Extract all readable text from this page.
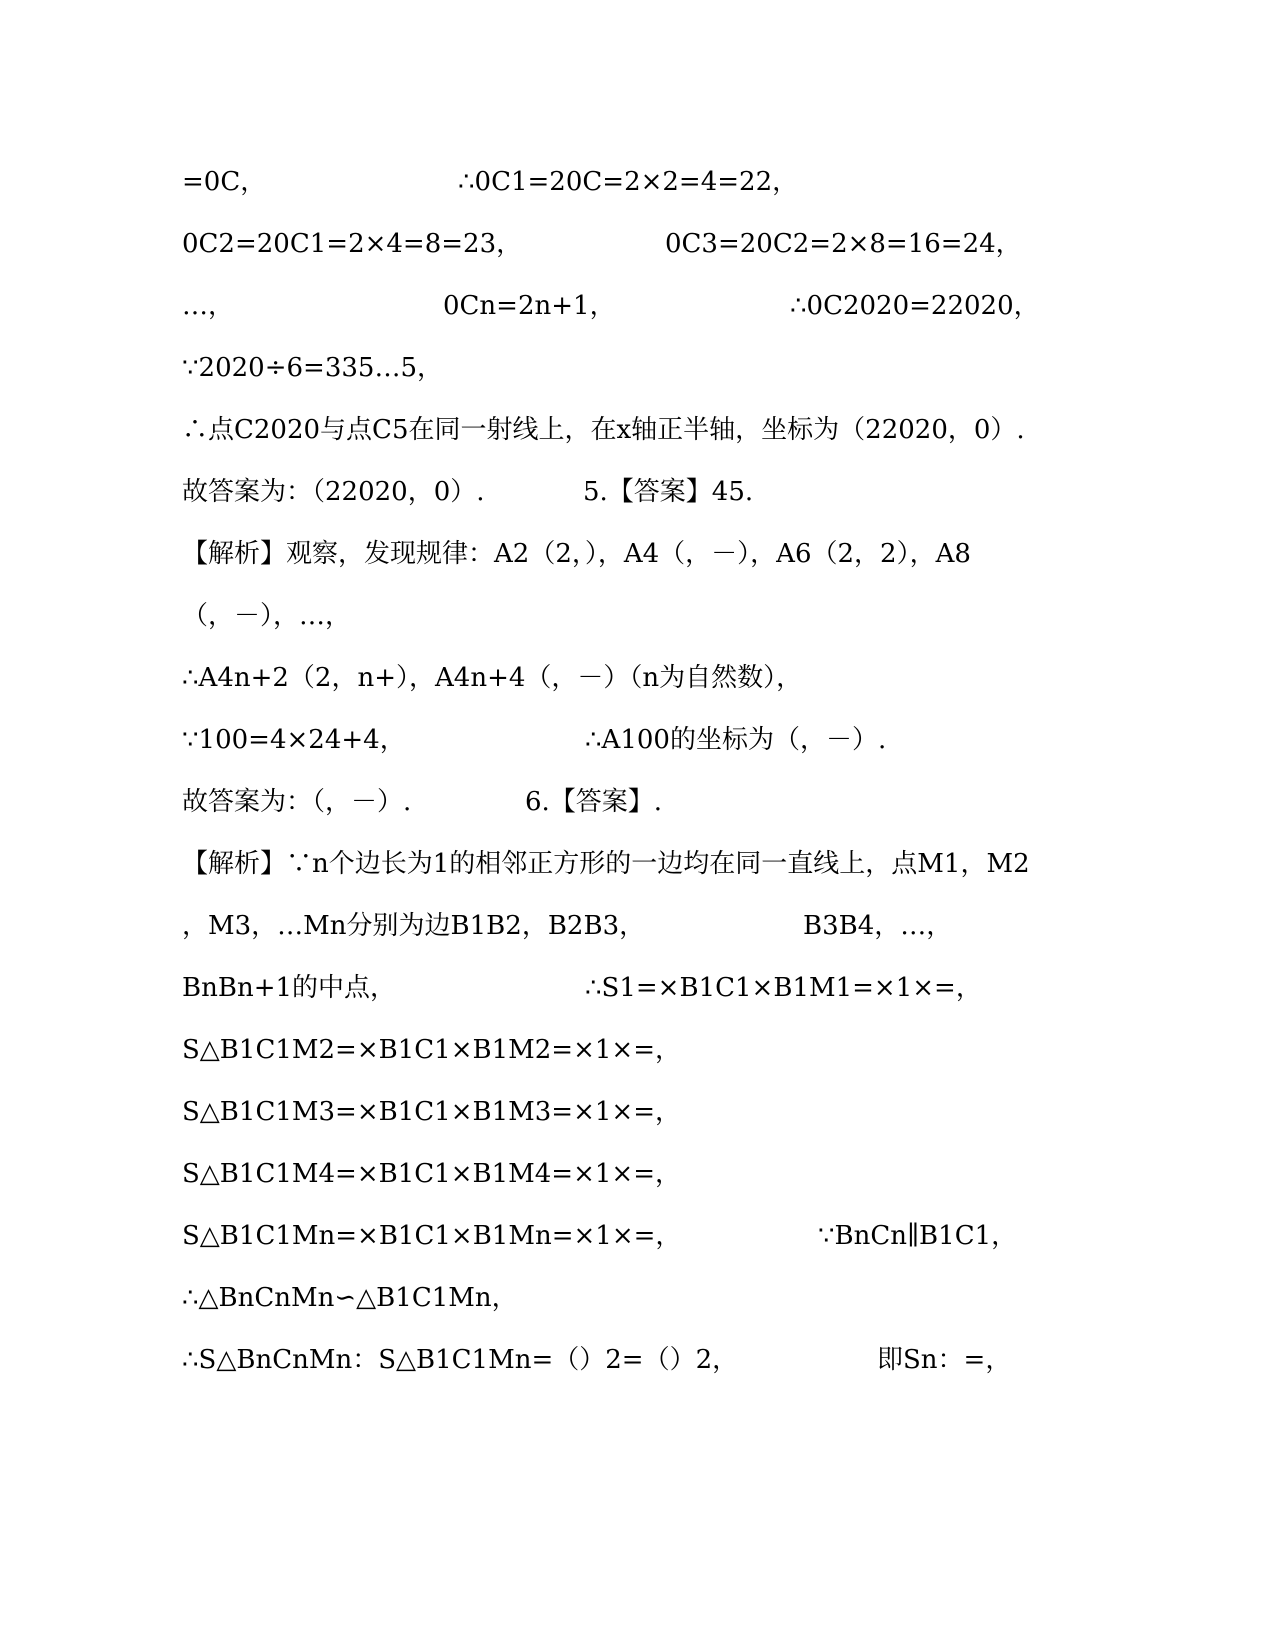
=0C，	∴0C1=20C=2×2=4=22，
0C2=20C1=2×4=8=23，	0C3=20C2=2×8=16=24，
…，	0Cn=2n+1，	∴0C2020=22020，
∵2020÷6=335…5，
∴点C2020与点C5在同一射线上，在x轴正半轴，坐标为（22020，0）.
故答案为：（22020，0）.	5.【答案】45.
【解析】观察，发现规律：A2（2，），A4（，－），A6（2，2），A8
（，－），…，
∴A4n+2（2，n+），A4n+4（，－）（n为自然数），
∵100=4×24+4，	∴A100的坐标为（，－）.
故答案为：（，－）.	6.【答案】.
【解析】∵n个边长为1的相邻正方形的一边均在同一直线上，点M1，M2
，M3，…Mn分别为边B1B2，B2B3，	B3B4，…，
BnBn+1的中点，	∴S1=×B1C1×B1M1=×1×=，
S△B1C1M2=×B1C1×B1M2=×1×=，
S△B1C1M3=×B1C1×B1M3=×1×=，
S△B1C1M4=×B1C1×B1M4=×1×=，
S△B1C1Mn=×B1C1×B1Mn=×1×=，	∵BnCn∥B1C1，
∴△BnCnMn∽△B1C1Mn，
∴S△BnCnMn：S△B1C1Mn=（）2=（）2，	即Sn：=，
